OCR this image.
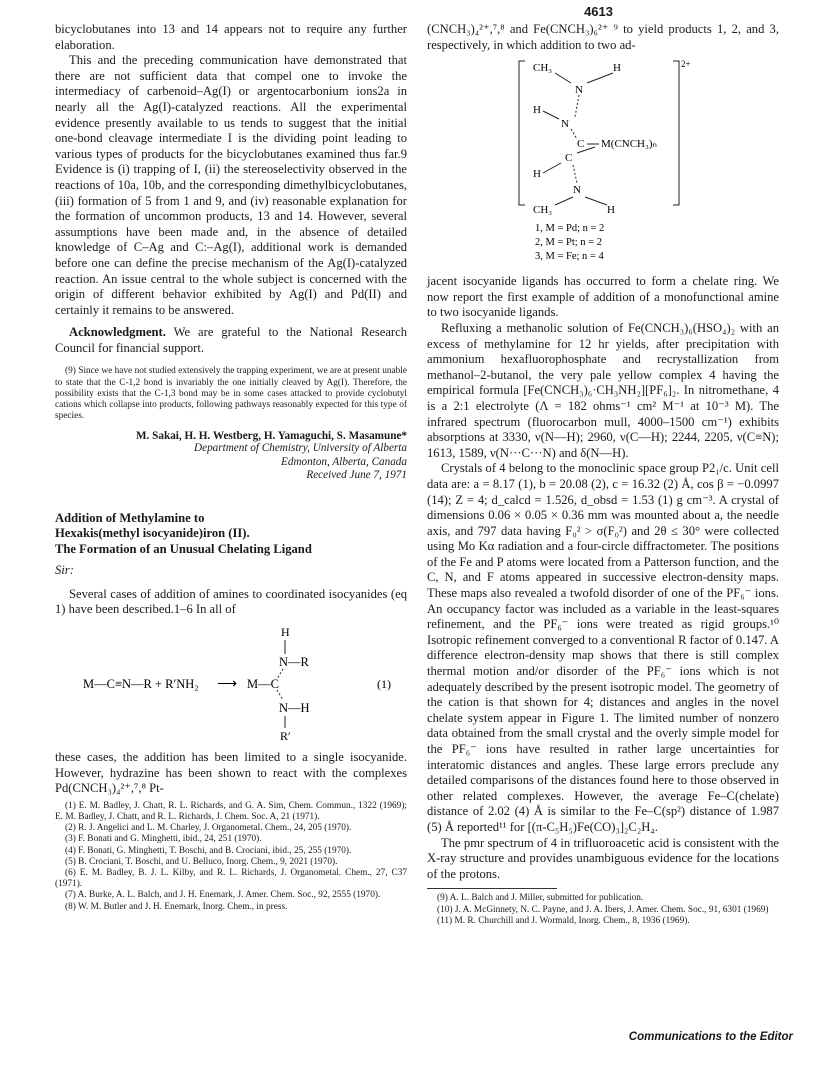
4613

bicyclobutanes into 13 and 14 appears not to require any further elaboration.

This and the preceding communication have demonstrated that there are not sufficient data that compel one to invoke the intermediacy of carbenoid–Ag(I) or argentocarbonium ions2a in nearly all the Ag(I)-catalyzed reactions. All the experimental evidence presently available to us tends to suggest that the initial one-bond cleavage intermediate I is the dividing point leading to various types of products for the bicyclobutanes examined thus far.9 Evidence is (i) trapping of I, (ii) the stereoselectivity observed in the reactions of 10a, 10b, and the corresponding dimethylbicyclobutanes, (iii) formation of 5 from 1 and 9, and (iv) reasonable explanation for the formation of uncommon products, 13 and 14. However, several assumptions have been made and, in the absence of detailed knowledge of C–Ag and C:–Ag(I), additional work is demanded before one can define the precise mechanism of the Ag(I)-catalyzed reaction. An issue central to the whole subject is concerned with the origin of different behavior exhibited by Ag(I) and Pd(II) and certainly it remains to be answered.

Acknowledgment. We are grateful to the National Research Council for financial support.

(9) Since we have not studied extensively the trapping experiment, we are at present unable to state that the C-1,2 bond is invariably the one initially cleaved by Ag(I). Therefore, the possibility exists that the C-1,3 bond may be in some cases attacked to provide cyclobutyl cations which collapse into products, following pathways reasonably expected for this type of species.

M. Sakai, H. H. Westberg, H. Yamaguchi, S. Masamune*
Department of Chemistry, University of Alberta
Edmonton, Alberta, Canada
Received June 7, 1971
Addition of Methylamine to
Hexakis(methyl isocyanide)iron (II).
The Formation of an Unusual Chelating Ligand

Sir:

Several cases of addition of amines to coordinated isocyanides (eq 1) have been described.1–6 In all of

M—C≡N—R + R′NH₂ ⟶ M—C
H
N—R
N—H
R′
(1)

these cases, the addition has been limited to a single isocyanide. However, hydrazine has been shown to react with the complexes Pd(CNCH₃)₄²⁺,⁷,⁸ Pt-

(1) E. M. Badley, J. Chatt, R. L. Richards, and G. A. Sim, Chem. Commun., 1322 (1969); E. M. Badley, J. Chatt, and R. L. Richards, J. Chem. Soc. A, 21 (1971).

(2) R. J. Angelici and L. M. Charley, J. Organometal. Chem., 24, 205 (1970).

(3) F. Bonati and G. Minghetti, ibid., 24, 251 (1970).

(4) F. Bonati, G. Minghetti, T. Boschi, and B. Crociani, ibid., 25, 255 (1970).

(5) B. Crociani, T. Boschi, and U. Belluco, Inorg. Chem., 9, 2021 (1970).

(6) E. M. Badley, B. J. L. Kilby, and R. L. Richards, J. Organometal. Chem., 27, C37 (1971).

(7) A. Burke, A. L. Balch, and J. H. Enemark, J. Amer. Chem. Soc., 92, 2555 (1970).

(8) W. M. Butler and J. H. Enemark, Inorg. Chem., in press.

(CNCH₃)₄²⁺,⁷,⁸ and Fe(CNCH₃)₆²⁺ ⁹ to yield products 1, 2, and 3, respectively, in which addition to two ad-

2+
CH₃	H
N
H
N
C M(CNCH₃)ₙ
C
H
N
CH₃	H
1, M = Pd; n = 2
2, M = Pt; n = 2
3, M = Fe; n = 4

jacent isocyanide ligands has occurred to form a chelate ring. We now report the first example of addition of a monofunctional amine to two isocyanide ligands.

Refluxing a methanolic solution of Fe(CNCH₃)₆(HSO₄)₂ with an excess of methylamine for 12 hr yields, after precipitation with ammonium hexafluorophosphate and recrystallization from methanol–2-butanol, the very pale yellow complex 4 having the empirical formula [Fe(CNCH₃)₆·CH₃NH₂][PF₆]₂. In nitromethane, 4 is a 2:1 electrolyte (Λ = 182 ohms⁻¹ cm² M⁻¹ at 10⁻³ M). The infrared spectrum (fluorocarbon mull, 4000–1500 cm⁻¹) exhibits absorptions at 3330, ν(N—H); 2960, ν(C—H); 2244, 2205, ν(C≡N); 1613, 1589, ν(N···C···N) and δ(N—H).

Crystals of 4 belong to the monoclinic space group P2₁/c. Unit cell data are: a = 8.17 (1), b = 20.08 (2), c = 16.32 (2) Å, cos β = −0.0997 (14); Z = 4; d_calcd = 1.526, d_obsd = 1.53 (1) g cm⁻³. A crystal of dimensions 0.06 × 0.05 × 0.36 mm was mounted about a, the needle axis, and 797 data having F₀² > σ(F₀²) and 2θ ≤ 30° were collected using Mo Kα radiation and a four-circle diffractometer. The positions of the Fe and P atoms were located from a Patterson function, and the C, N, and F atoms appeared in successive electron-density maps. These maps also revealed a twofold disorder of one of the PF₆⁻ ions. An occupancy factor was included as a variable in the least-squares refinement, and the PF₆⁻ ions were treated as rigid groups.¹⁰ Isotropic refinement converged to a conventional R factor of 0.147. A difference electron-density map shows that there is still complex thermal motion and/or disorder of the PF₆⁻ ions which is not adequately described by the present isotropic model. The geometry of the cation is that shown for 4; distances and angles in the novel chelate system appear in Figure 1. The limited number of nonzero data obtained from the small crystal and the overly simple model for the PF₆⁻ ions have resulted in rather large uncertainties for interatomic distances and angles. These large errors preclude any detailed comparisons of the distances found here to those observed in other related complexes. However, the average Fe–C(chelate) distance of 2.02 (4) Å is similar to the Fe–C(sp²) distance of 1.987 (5) Å reported¹¹ for [(π-C₅H₅)Fe(CO)₃]₂C₂H₄.

The pmr spectrum of 4 in trifluoroacetic acid is consistent with the X-ray structure and provides unambiguous evidence for the locations of the protons.

(9) A. L. Balch and J. Miller, submitted for publication.

(10) J. A. McGinnety, N. C. Payne, and J. A. Ibers, J. Amer. Chem. Soc., 91, 6301 (1969)

(11) M. R. Churchill and J. Wormald, Inorg. Chem., 8, 1936 (1969).

Communications to the Editor
